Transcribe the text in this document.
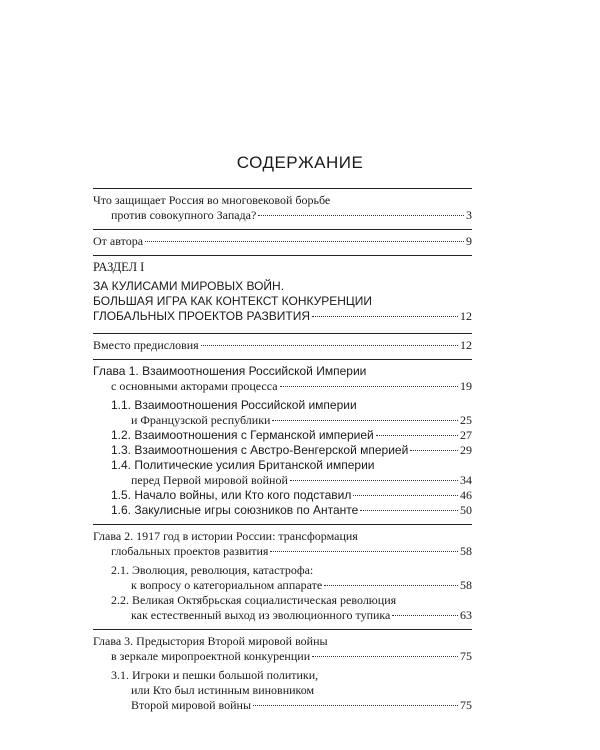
СОДЕРЖАНИЕ
Что защищает Россия во многовековой борьбе
против совокупного Запада?	3
От автора	9
РАЗДЕЛ I
ЗА КУЛИСАМИ МИРОВЫХ ВОЙН.
БОЛЬШАЯ ИГРА КАК КОНТЕКСТ КОНКУРЕНЦИИ
ГЛОБАЛЬНЫХ ПРОЕКТОВ РАЗВИТИЯ	12
Вместо предисловия	12
Глава 1. Взаимоотношения Российской Империи
с основными акторами процесса	19
1.1. Взаимоотношения Российской империи
и Французской республики	25
1.2. Взаимоотношения с Германской империей	27
1.3. Взаимоотношения с Австро-Венгерской мперией	29
1.4. Политические усилия Британской империи
перед Первой мировой войной	34
1.5. Начало войны, или Кто кого подставил	46
1.6. Закулисные игры союзников по Антанте	50
Глава 2. 1917 год в истории России: трансформация
глобальных проектов развития	58
2.1. Эволюция, революция, катастрофа:
к вопросу о категориальном аппарате	58
2.2. Великая Октябрьская социалистическая революция
как естественный выход из эволюционного тупика	63
Глава 3. Предыстория Второй мировой войны
в зеркале миропроектной конкуренции	75
3.1. Игроки и пешки большой политики,
или Кто был истинным виновником
Второй мировой войны	75
